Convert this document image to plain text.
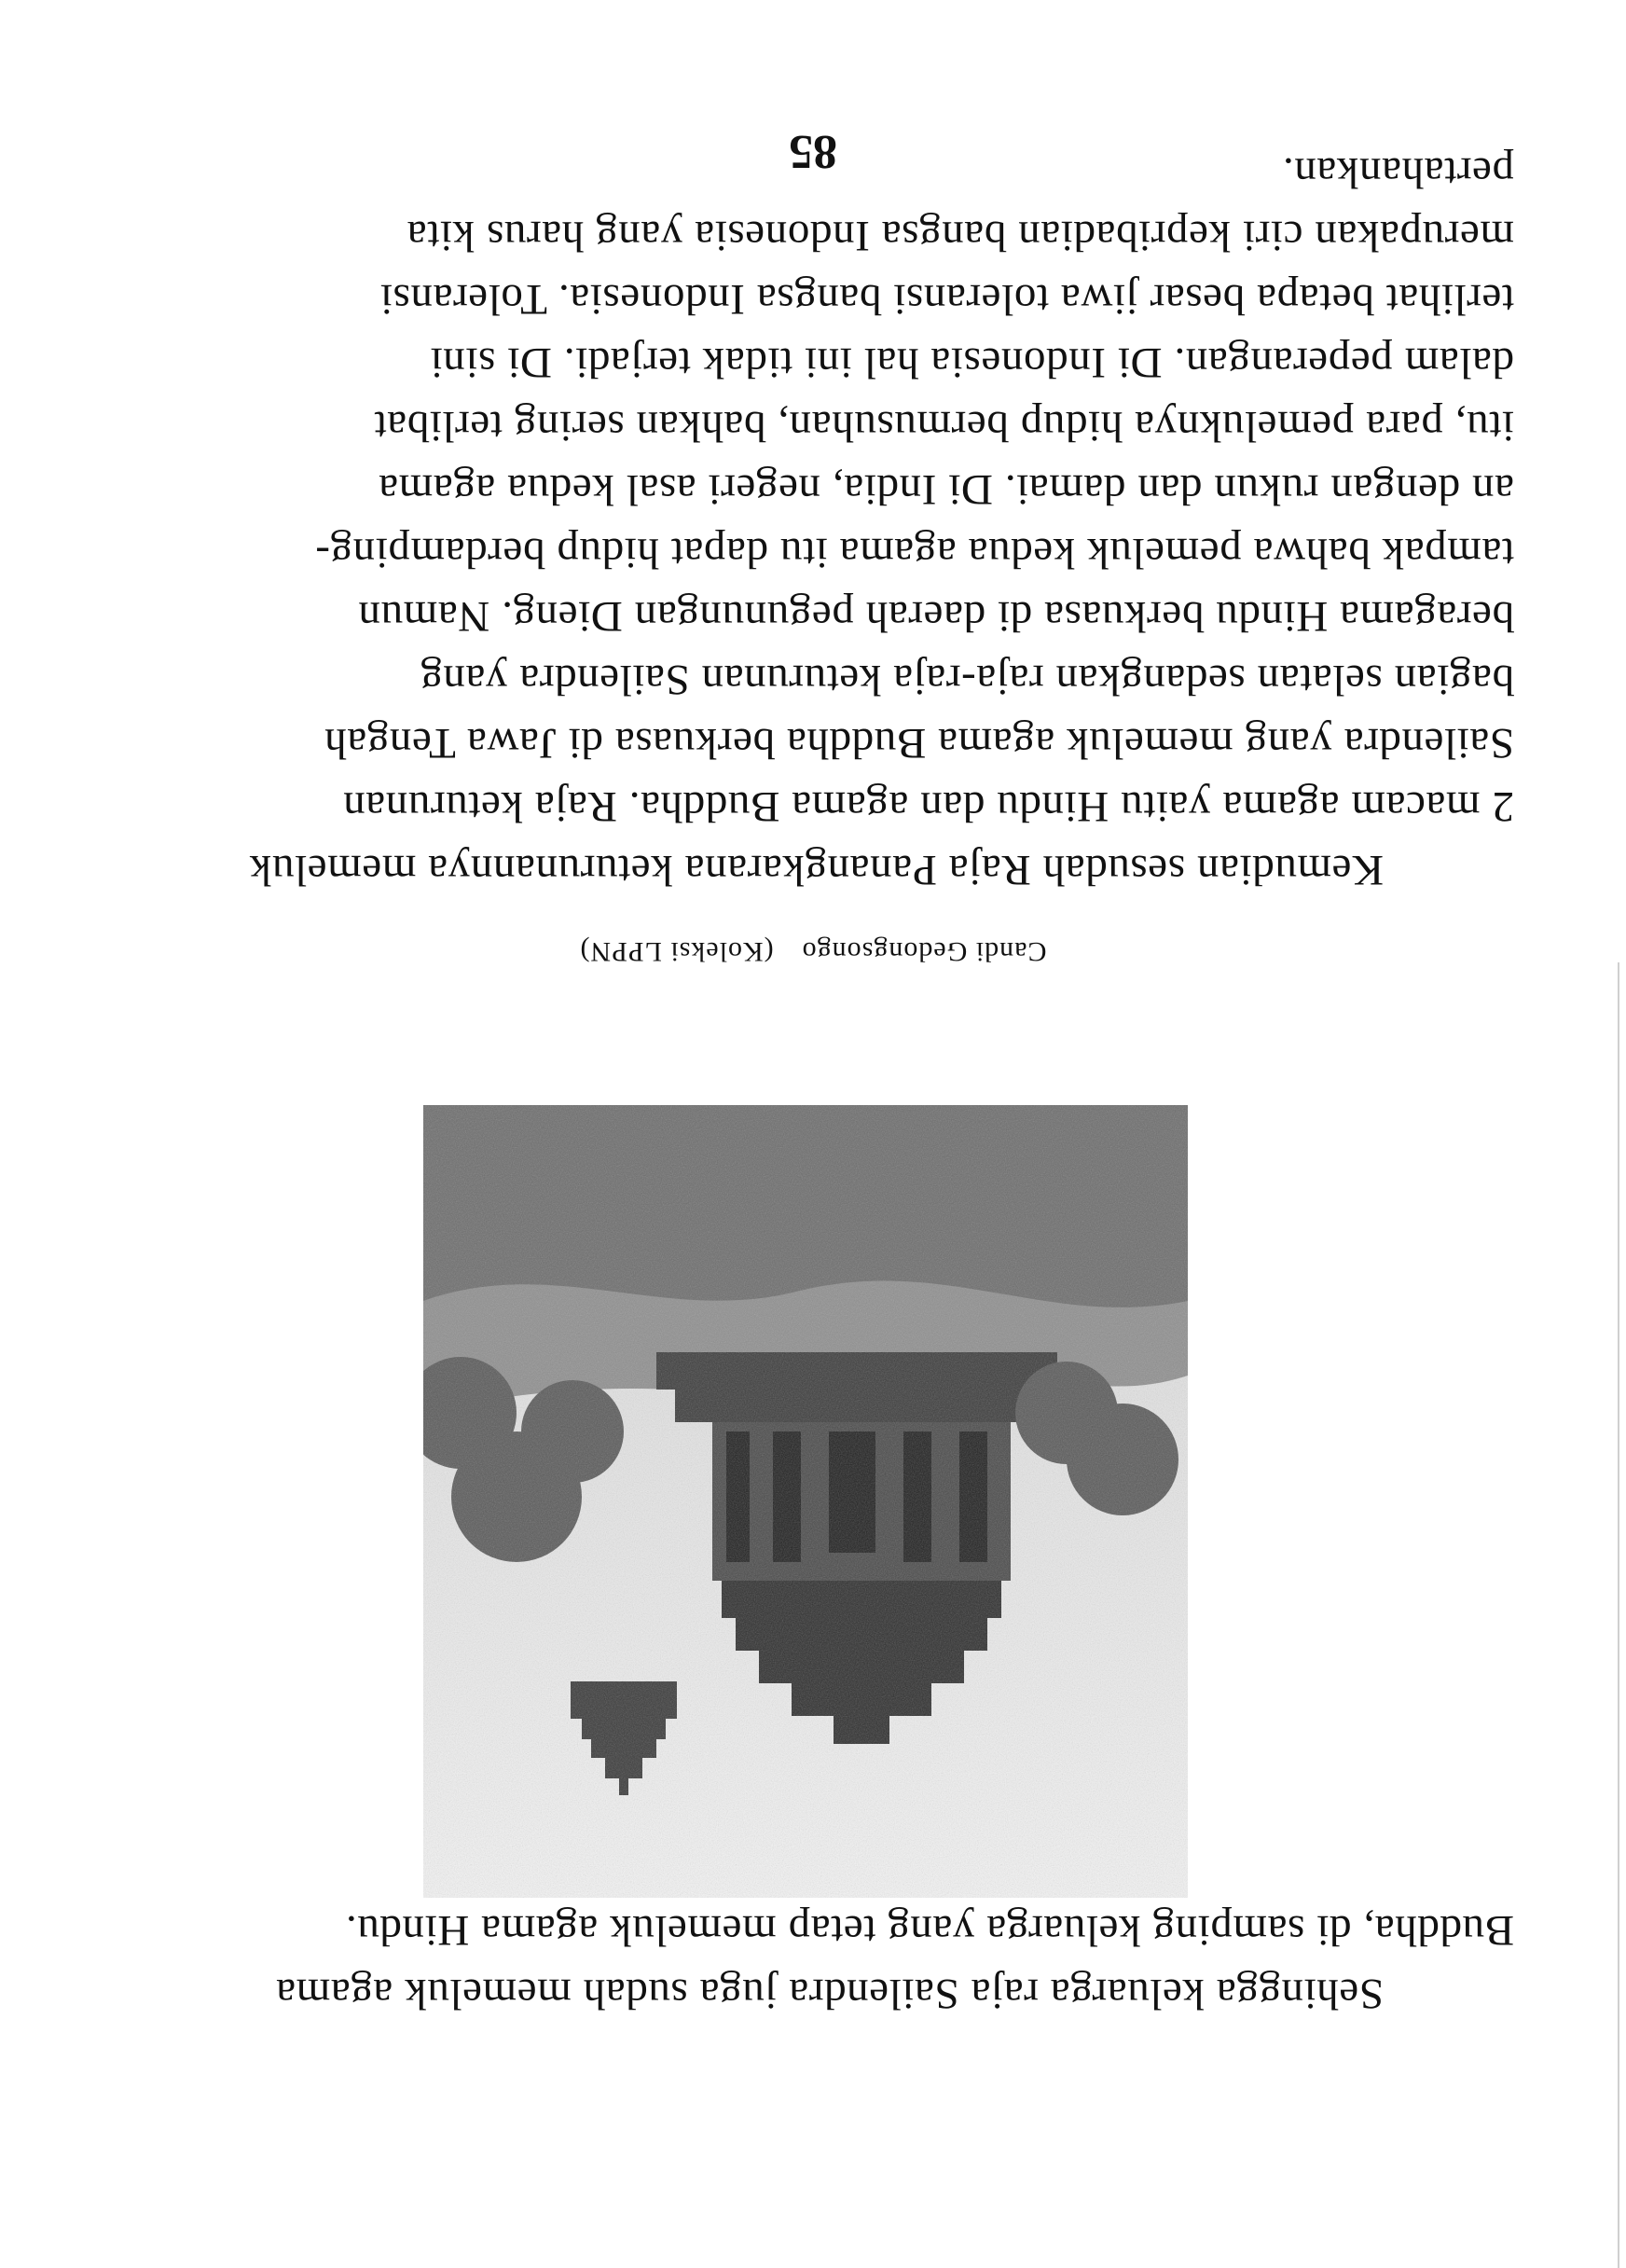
Sehingga keluarga raja Sailendra juga sudah memeluk agama

Buddha, di samping keluarga yang tetap memeluk agama Hindu.

Candi Gedongsongo(Koleksi LPPN)

Kemudian sesudah Raja Panangkarana keturunannya memeluk

2 macam agama yaitu Hindu dan agama Buddha. Raja keturunan

Sailendra yang memeluk agama Buddha berkuasa di Jawa Tengah

bagian selatan sedangkan raja-raja keturunan Sailendra yang

beragama Hindu berkuasa di daerah pegunungan Dieng. Namun

tampak bahwa pemeluk kedua agama itu dapat hidup berdamping-

an dengan rukun dan damai. Di India, negeri asal kedua agama

itu, para pemeluknya hidup bermusuhan, bahkan sering terlibat

dalam peperangan. Di Indonesia hal ini tidak terjadi. Di sini

terlihat betapa besar jiwa toleransi bangsa Indonesia. Toleransi

merupakan ciri kepribadian bangsa Indonesia yang harus kita

pertahankan.

85
